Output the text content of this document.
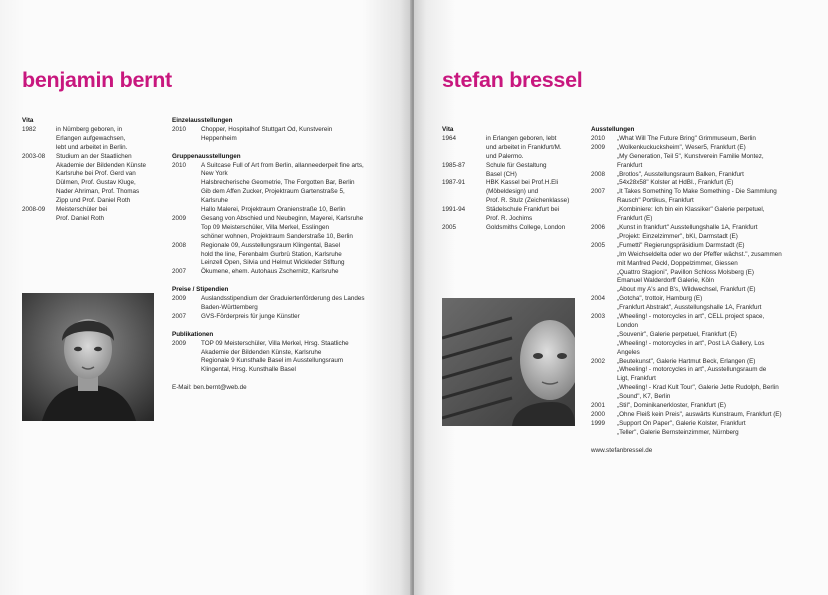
benjamin bernt

Vita

1982	in Nürnberg geboren, in
Erlangen aufgewachsen,
lebt und arbeitet in Berlin.
2003-08	Studium an der Staatlichen
Akademie der Bildenden Künste
Karlsruhe bei Prof. Gerd van
Dülmen, Prof. Gustav Kluge,
Nader Ahriman, Prof. Thomas
Zipp und Prof. Daniel Roth
2008-09	Meisterschüler bei
Prof. Daniel Roth

Einzelausstellungen

2010	Chopper, Hospitalhof Stuttgart Od, Kunstverein
Heppenheim

Gruppenausstellungen

2010	A Suitcase Full of Art from Berlin, allanneederpeit fine arts,
New York
Halsbrecherische Geometrie, The Forgotten Bar, Berlin
Gib dem Affen Zucker, Projektraum Gartenstraße 5,
Karlsruhe
Hallo Malerei, Projektraum Oranienstraße 10, Berlin
2009	Gesang von Abschied und Neubeginn, Mayerei, Karlsruhe
Top 09 Meisterschüler, Villa Merkel, Esslingen
schöner wohnen, Projektraum Sanderstraße 10, Berlin
2008	Regionale 09, Ausstellungsraum Klingental, Basel
hold the line, Ferenbalm Gurbrü Station, Karlsruhe
Leinzell Open, Silvia und Helmut Wickleder Stiftung
2007	Ökumene, ehem. Autohaus Zschernitz, Karlsruhe

Preise / Stipendien

2009	Auslandsstipendium der Graduiertenförderung des Landes
Baden-Württemberg
2007	GVS-Förderpreis für junge Künstler

Publikationen

2009	TOP 09 Meisterschüler, Villa Merkel, Hrsg. Staatliche
Akademie der Bildenden Künste, Karlsruhe
Regionale 9 Kunsthalle Basel im Ausstellungsraum
Klingental, Hrsg. Kunsthalle Basel
E-Mail: ben.bernt@web.de
stefan bressel

Vita

1964	in Erlangen geboren, lebt
und arbeitet in Frankfurt/M.
und Palermo.
1985-87	Schule für Gestaltung
Basel (CH)
1987-91	HBK Kassel bei Prof.H.Eli
(Möbeldesign) und
Prof. R. Stulz (Zeichenklasse)
1991-94	Städelschule Frankfurt bei
Prof. R. Jochims
2005	Goldsmiths College, London

Ausstellungen

2010	„What Will The Future Bring" Grimmuseum, Berlin
2009	„Wolkenkuckucksheim", Weser5, Frankfurt (E)
„My Generation, Teil 5", Kunstverein Familie Montez,
Frankfurt
2008	„Brotlos", Ausstellungsraum Balken, Frankfurt
„54x28x58" Kolster at HdBI., Frankfurt (E)
2007	„It Takes Something To Make Something - Die Sammlung
Rausch" Portikus, Frankfurt
„Kombiniere: Ich bin ein Klassiker" Galerie perpetuel,
Frankfurt (E)
2006	„Kunst in frankfurt" Ausstellungshalle 1A, Frankfurt
„Projekt: Einzelzimmer", bKI, Darmstadt (E)
2005	„Fumetti" Regierungspräsidium Darmstadt (E)
„Im Weichseldelta oder wo der Pfeffer wächst.", zusammen
mit Manfred Peckl, Doppelzimmer, Giessen
„Quattro Stagioni", Pavillon Schloss Molsberg (E)
Emanuel Walderdorff Galerie, Köln
„About my A's and B's, Wildwechsel, Frankfurt (E)
2004	„Gotcha", trottoir, Hamburg (E)
„Frankfurt Abstrakt", Ausstellungshalle 1A, Frankfurt
2003	„Wheeling! - motorcycles in art", CELL project space,
London
„Souvenir", Galerie perpetuel, Frankfurt (E)
„Wheeling! - motorcycles in art", Post LA Gallery, Los
Angeles
2002	„Beutekunst", Galerie Hartmut Beck, Erlangen (E)
„Wheeling! - motorcycles in art", Ausstellungsraum de
Ligt, Frankfurt
„Wheeling! - Krad Kult Tour", Galerie Jette Rudolph, Berlin
„Sound", K7, Berlin
2001	„Stil", Dominikanerkloster, Frankfurt (E)
2000	„Ohne Fleiß kein Preis", auswärts Kunstraum, Frankfurt (E)
1999	„Support On Paper", Galerie Kolster, Frankfurt
„Teller", Galerie Bernsteinzimmer, Nürnberg
www.stefanbressel.de
